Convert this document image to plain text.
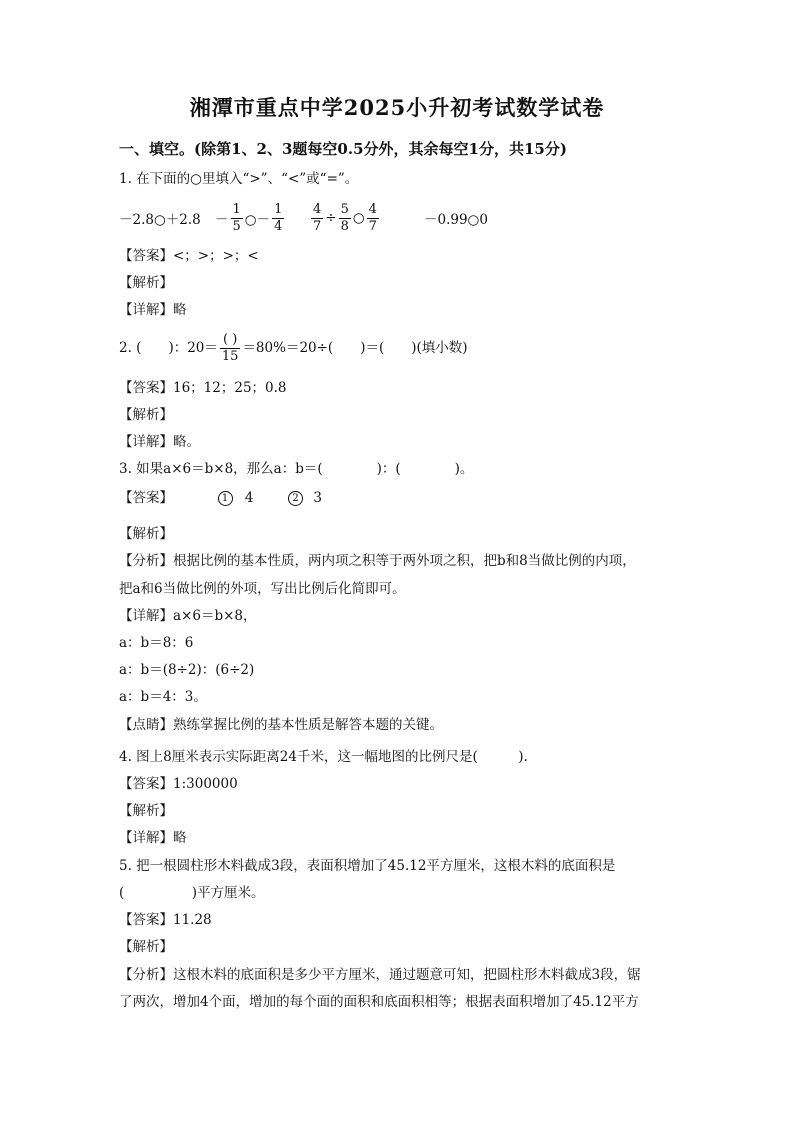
湘潭市重点中学2025小升初考试数学试卷
一、填空。(除第1、2、3题每空0.5分外，其余每空1分，共15分)
1. 在下面的○里填入“>”、“<”或“=”。
－2.8○＋2.8 － $\frac{1}{5}$ ○－ $\frac{1}{4} \frac{4}{7} \div \frac{5}{8}$ ○ $\frac{4}{7}$	－0.99○0
【答案】<；>；>；<
【解析】
【详解】略
2. (　　)：$20= \frac{( )}{15} =80\%=20\div$(　　)＝(　　)(填小数)
【答案】16；12；25；0.8
【解析】
【详解】略。
3. 如果a×6＝b×8，那么a：b＝(　　　　)：(　　　　)。
【答案】	1 4	2 3
【解析】
【分析】根据比例的基本性质，两内项之积等于两外项之积，把b和8当做比例的内项，
把a和6当做比例的外项，写出比例后化简即可。
【详解】a×6＝b×8，
a：b＝8：6
a：b＝(8÷2)：(6÷2)
a：b＝4：3。
【点睛】熟练掌握比例的基本性质是解答本题的关键。
4. 图上8厘米表示实际距离24千米，这一幅地图的比例尺是(　　　).
【答案】1:300000
【解析】
【详解】略
5. 把一根圆柱形木料截成3段，表面积增加了45.12平方厘米，这根木料的底面积是
(　　　　　)平方厘米。
【答案】11.28
【解析】
【分析】这根木料的底面积是多少平方厘米，通过题意可知，把圆柱形木料截成3段，锯
了两次，增加4个面，增加的每个面的面积和底面积相等；根据表面积增加了45.12平方
